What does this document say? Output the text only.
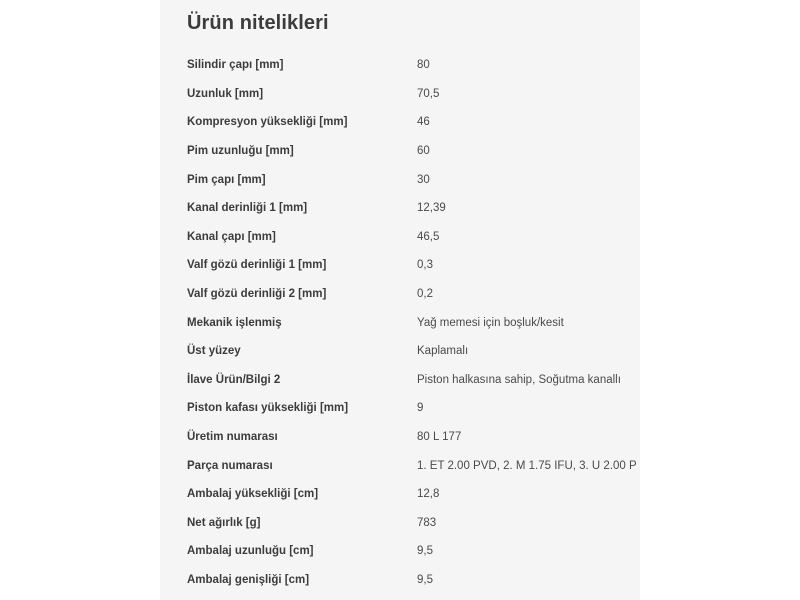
Ürün nitelikleri
Silindir çapı [mm]	80
Uzunluk [mm]	70,5
Kompresyon yüksekliği [mm]	46
Pim uzunluğu [mm]	60
Pim çapı [mm]	30
Kanal derinliği 1 [mm]	12,39
Kanal çapı [mm]	46,5
Valf gözü derinliği 1 [mm]	0,3
Valf gözü derinliği 2 [mm]	0,2
Mekanik işlenmiş	Yağ memesi için boşluk/kesit
Üst yüzey	Kaplamalı
İlave Ürün/Bilgi 2	Piston halkasına sahip, Soğutma kanallı
Piston kafası yüksekliği [mm]	9
Üretim numarası	80 L 177
Parça numarası	1. ET 2.00 PVD, 2. M 1.75 IFU, 3. U 2.00 P
Ambalaj yüksekliği [cm]	12,8
Net ağırlık [g]	783
Ambalaj uzunluğu [cm]	9,5
Ambalaj genişliği [cm]	9,5
